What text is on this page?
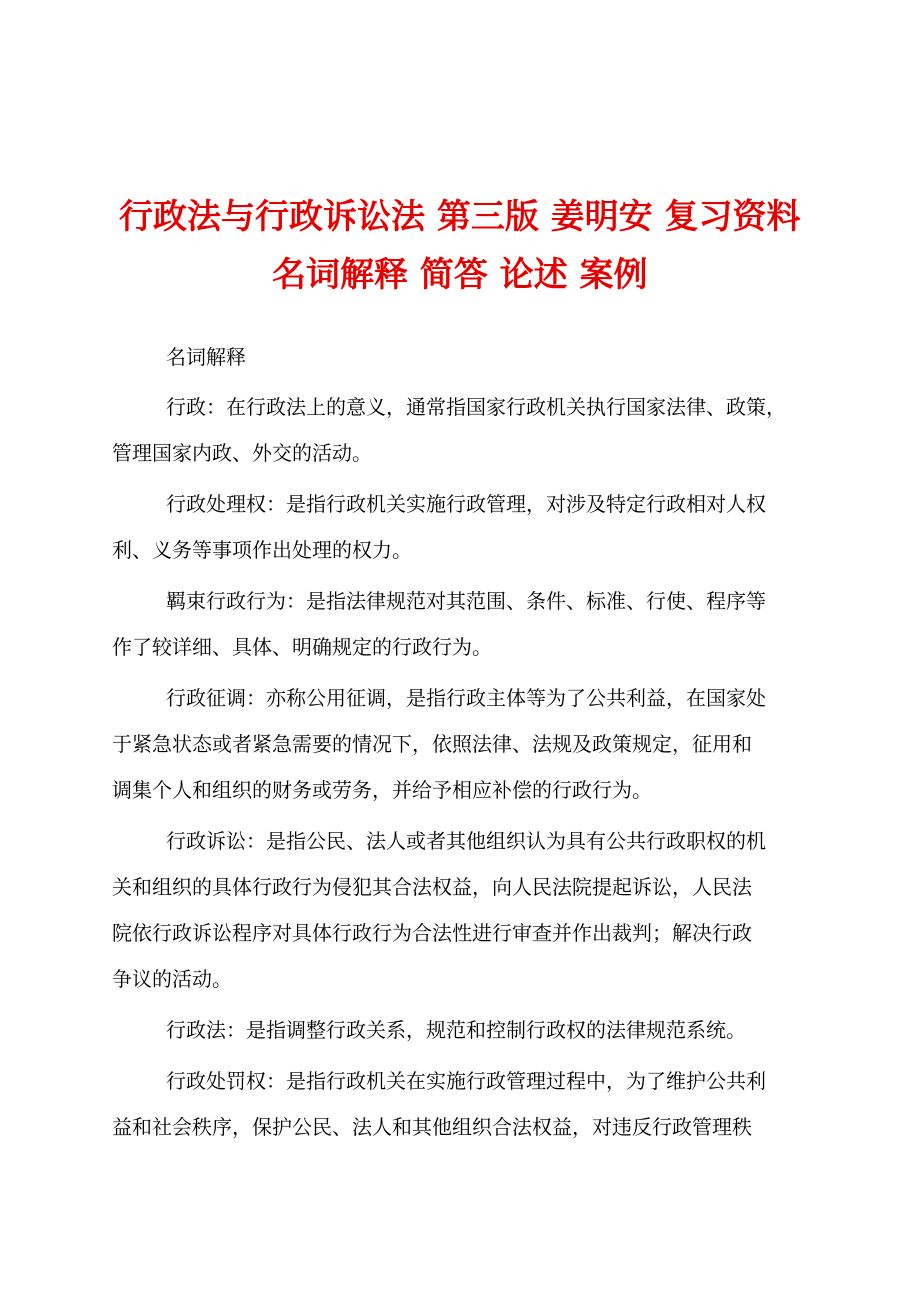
行政法与行政诉讼法 第三版 姜明安 复习资料
名词解释 简答 论述 案例
名词解释
行政：在行政法上的意义，通常指国家行政机关执行国家法律、政策，
管理国家内政、外交的活动。
行政处理权：是指行政机关实施行政管理，对涉及特定行政相对人权
利、义务等事项作出处理的权力。
羁束行政行为：是指法律规范对其范围、条件、标准、行使、程序等
作了较详细、具体、明确规定的行政行为。
行政征调：亦称公用征调，是指行政主体等为了公共利益，在国家处
于紧急状态或者紧急需要的情况下，依照法律、法规及政策规定，征用和
调集个人和组织的财务或劳务，并给予相应补偿的行政行为。
行政诉讼：是指公民、法人或者其他组织认为具有公共行政职权的机
关和组织的具体行政行为侵犯其合法权益，向人民法院提起诉讼，人民法
院依行政诉讼程序对具体行政行为合法性进行审查并作出裁判；解决行政
争议的活动。
行政法：是指调整行政关系，规范和控制行政权的法律规范系统。
行政处罚权：是指行政机关在实施行政管理过程中，为了维护公共利
益和社会秩序，保护公民、法人和其他组织合法权益，对违反行政管理秩
